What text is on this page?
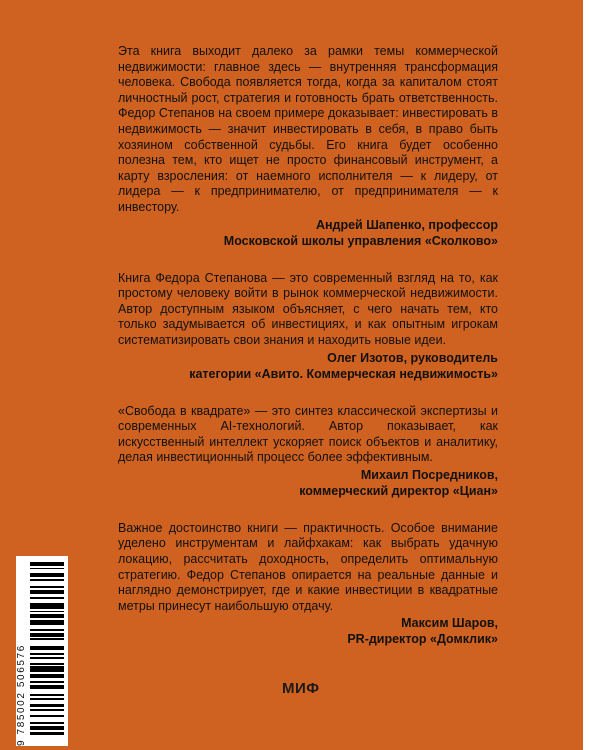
Эта книга выходит далеко за рамки темы коммерческой недвижимости: главное здесь — внутренняя трансформация человека. Свобода появляется тогда, когда за капиталом стоят личностный рост, стратегия и готовность брать ответственность. Федор Степанов на своем примере доказывает: инвестировать в недвижимость — значит инвестировать в себя, в право быть хозяином собственной судьбы. Его книга будет особенно полезна тем, кто ищет не просто финансовый инструмент, а карту взросления: от наемного исполнителя — к лидеру, от лидера — к предпринимателю, от предпринимателя — к инвестору.

Андрей Шапенко, профессор
Московской школы управления «Сколково»

Книга Федора Степанова — это современный взгляд на то, как простому человеку войти в рынок коммерческой недвижимости. Автор доступным языком объясняет, с чего начать тем, кто только задумывается об инвестициях, и как опытным игрокам систематизировать свои знания и находить новые идеи.

Олег Изотов, руководитель
категории «Авито. Коммерческая недвижимость»

«Свобода в квадрате» — это синтез классической экспертизы и современных AI-технологий. Автор показывает, как искусственный интеллект ускоряет поиск объектов и аналитику, делая инвестиционный процесс более эффективным.

Михаил Посредников,
коммерческий директор «Циан»

Важное достоинство книги — практичность. Особое внимание уделено инструментам и лайфхакам: как выбрать удачную локацию, рассчитать доходность, определить оптимальную стратегию. Федор Степанов опирается на реальные данные и наглядно демонстрирует, где и какие инвестиции в квадратные метры принесут наибольшую отдачу.

Максим Шаров,
PR-директор «Домклик»
9 785002 506576	МИФ
